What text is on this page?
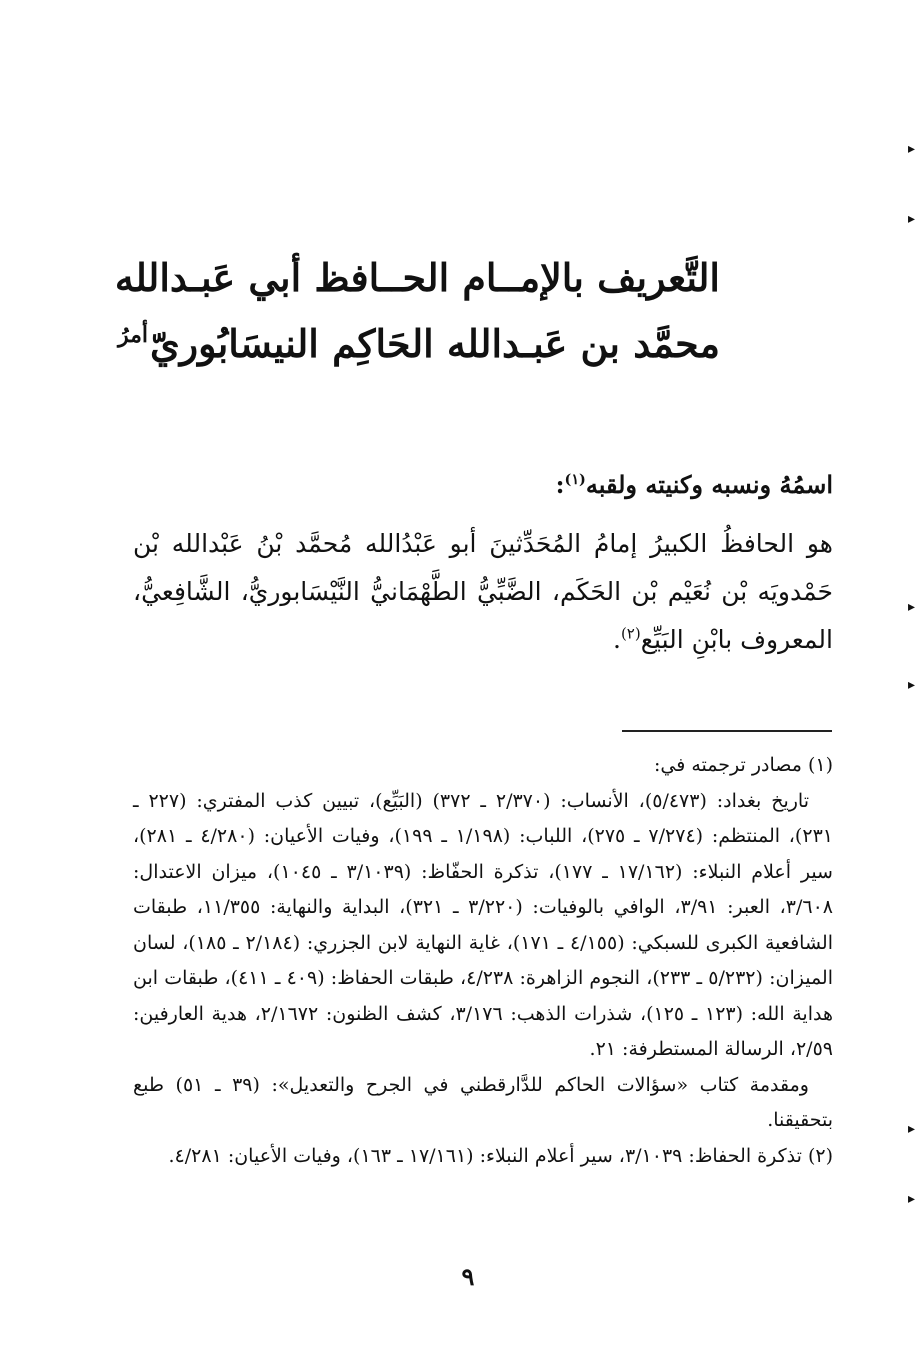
التَّعريف بالإمــام الحــافظ أبي عَبـدالله
محمَّد بن عَبـدالله الحَاكِم النيسَابُوريّ
أمرُ
اسمُهُ ونسبه وكنيته ولقبه$^{(١)}$:
هو الحافظُ الكبيرُ إمامُ المُحَدِّثينَ أبو عَبْدُالله مُحمَّد بْنُ عَبْدالله بْن حَمْدويَه بْن نُعَيْم بْن الحَكَم، الضَّبِّيُّ الطَّهْمَانيُّ النَّيْسَابوريُّ، الشَّافِعيُّ، المعروف بابْنِ البَيِّع$^{(٢)}$.

(١) مصادر ترجمته في:

تاريخ بغداد: (٥/٤٧٣)، الأنساب: (٢/٣٧٠ ـ ٣٧٢) (البَيِّع)، تبيين كذب المفتري: (٢٢٧ ـ ٢٣١)، المنتظم: (٧/٢٧٤ ـ ٢٧٥)، اللباب: (١/١٩٨ ـ ١٩٩)، وفيات الأعيان: (٤/٢٨٠ ـ ٢٨١)، سير أعلام النبلاء: (١٧/١٦٢ ـ ١٧٧)، تذكرة الحفّاظ: (٣/١٠٣٩ ـ ١٠٤٥)، ميزان الاعتدال: ٣/٦٠٨، العبر: ٣/٩١، الوافي بالوفيات: (٣/٢٢٠ ـ ٣٢١)، البداية والنهاية: ١١/٣٥٥، طبقات الشافعية الكبرى للسبكي: (٤/١٥٥ ـ ١٧١)، غاية النهاية لابن الجزري: (٢/١٨٤ ـ ١٨٥)، لسان الميزان: (٥/٢٣٢ ـ ٢٣٣)، النجوم الزاهرة: ٤/٢٣٨، طبقات الحفاظ: (٤٠٩ ـ ٤١١)، طبقات ابن هداية الله: (١٢٣ ـ ١٢٥)، شذرات الذهب: ٣/١٧٦، كشف الظنون: ٢/١٦٧٢، هدية العارفين: ٢/٥٩، الرسالة المستطرفة: ٢١.

ومقدمة كتاب «سؤالات الحاكم للدَّارقطني في الجرح والتعديل»: (٣٩ ـ ٥١) طبع بتحقيقنا.

(٢) تذكرة الحفاظ: ٣/١٠٣٩، سير أعلام النبلاء: (١٧/١٦١ ـ ١٦٣)، وفيات الأعيان: ٤/٢٨١.

٩
▸
▸
▸
▸
▸
▸
